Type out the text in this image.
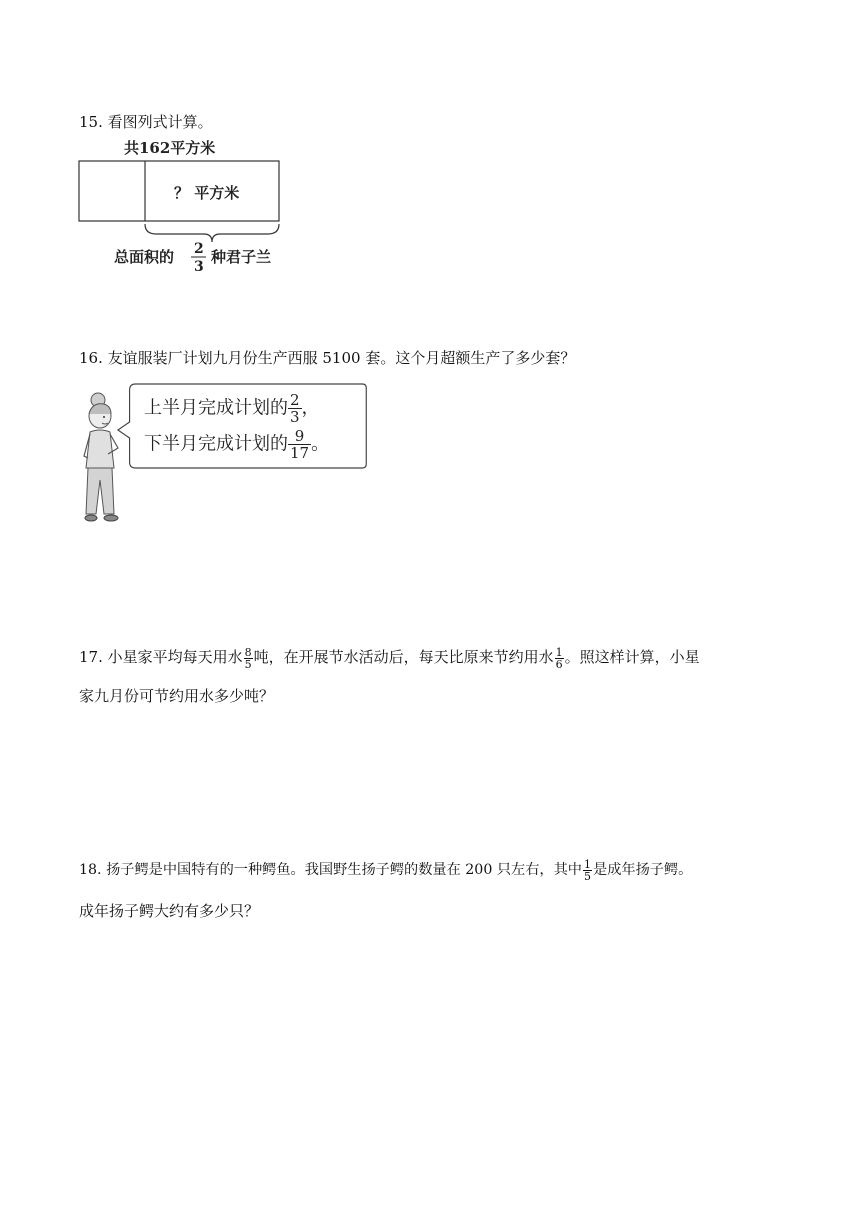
15. 看图列式计算。
共162平方米
？ 平方米
总面积的 2
3
种君子兰
16. 友谊服装厂计划九月份生产西服 5100 套。这个月超额生产了多少套？
上半月完成计划的 $\frac{2}{3}$ ，
下半月完成计划的 $\frac{9}{17}$ 。
17. 小星家平均每天用水 $\frac{8}{5}$ 吨，在开展节水活动后，每天比原来节约用水 $\frac{1}{6}$ 。照这样计算，小星
家九月份可节约用水多少吨？
18. 扬子鳄是中国特有的一种鳄鱼。我国野生扬子鳄的数量在 200 只左右，其中 $\frac{1}{5}$ 是成年扬子鳄。
成年扬子鳄大约有多少只？
